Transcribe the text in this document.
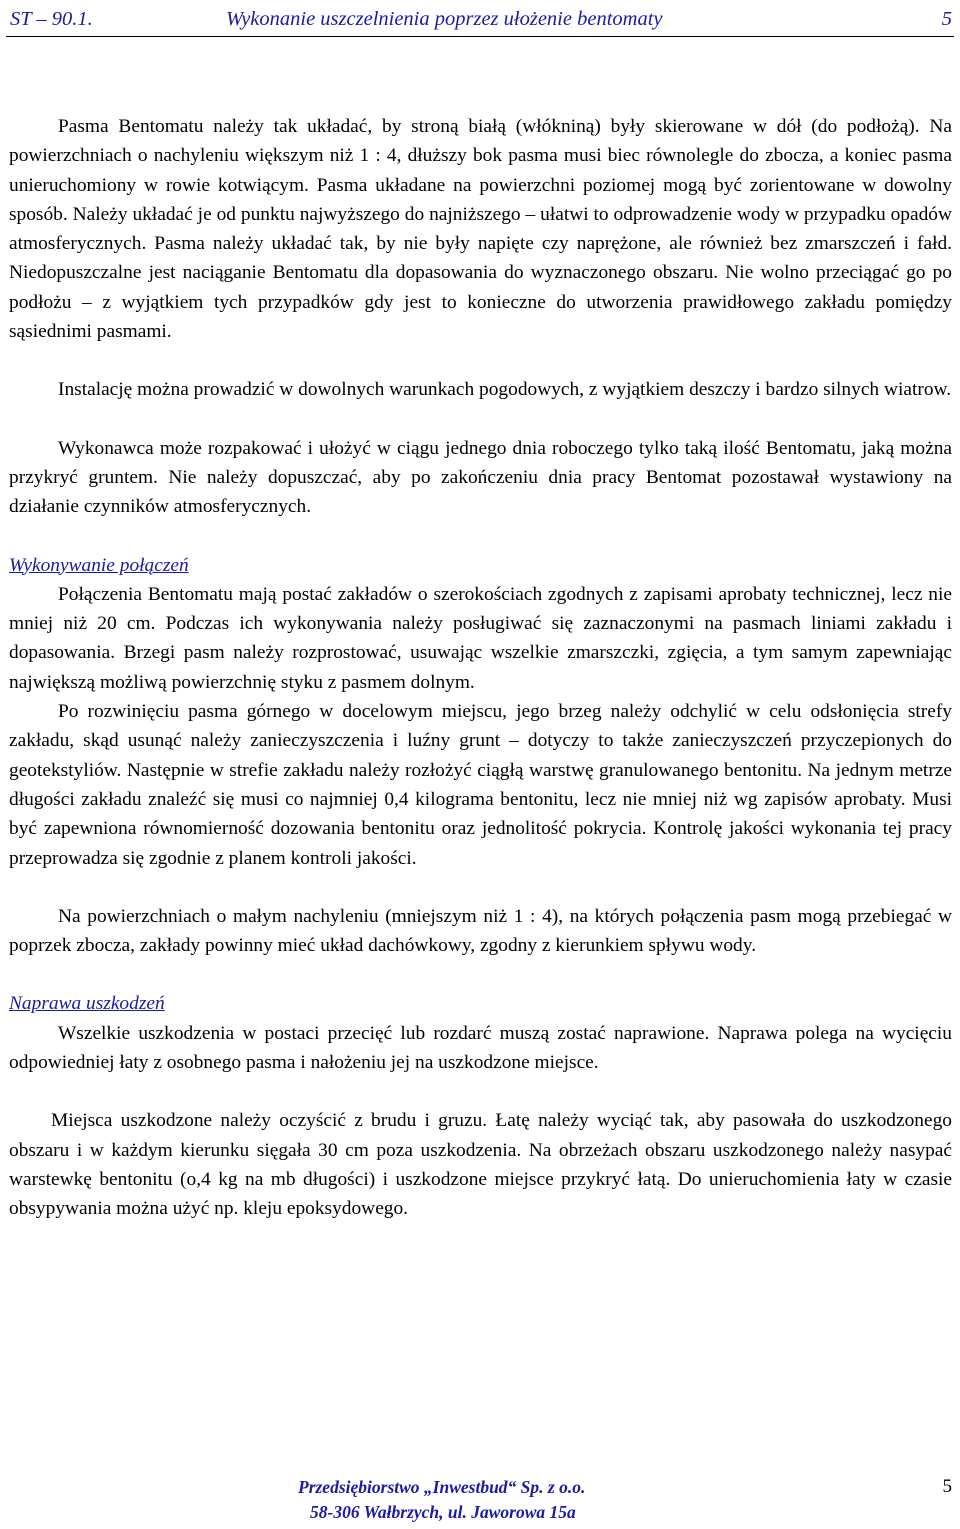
ST – 90.1.	Wykonanie uszczelnienia poprzez ułożenie bentomaty	5

Pasma Bentomatu należy tak układać, by stroną białą (włókniną) były skierowane w dół (do podłożą). Na powierzchniach o nachyleniu większym niż 1 : 4, dłuższy bok pasma musi biec równolegle do zbocza, a koniec pasma unieruchomiony w rowie kotwiącym. Pasma układane na powierzchni poziomej mogą być zorientowane w dowolny sposób. Należy układać je od punktu najwyższego do najniższego – ułatwi to odprowadzenie wody w przypadku opadów atmosferycznych. Pasma należy układać tak, by nie były napięte czy naprężone, ale również bez zmarszczeń i fałd. Niedopuszczalne jest naciąganie Bentomatu dla dopasowania do wyznaczonego obszaru. Nie wolno przeciągać go po podłożu – z wyjątkiem tych przypadków gdy jest to konieczne do utworzenia prawidłowego zakładu pomiędzy sąsiednimi pasmami.

Instalację można prowadzić w dowolnych warunkach pogodowych, z wyjątkiem deszczy i bardzo silnych wiatrow.

Wykonawca może rozpakować i ułożyć w ciągu jednego dnia roboczego tylko taką ilość Bentomatu, jaką można przykryć gruntem. Nie należy dopuszczać, aby po zakończeniu dnia pracy Bentomat pozostawał wystawiony na działanie czynników atmosferycznych.

Wykonywanie połączeń

Połączenia Bentomatu mają postać zakładów o szerokościach zgodnych z zapisami aprobaty technicznej, lecz nie mniej niż 20 cm. Podczas ich wykonywania należy posługiwać się zaznaczonymi na pasmach liniami zakładu i dopasowania. Brzegi pasm należy rozprostować, usuwając wszelkie zmarszczki, zgięcia, a tym samym zapewniając największą możliwą powierzchnię styku z pasmem dolnym.

Po rozwinięciu pasma górnego w docelowym miejscu, jego brzeg należy odchylić w celu odsłonięcia strefy zakładu, skąd usunąć należy zanieczyszczenia i luźny grunt – dotyczy to także zanieczyszczeń przyczepionych do geotekstyliów. Następnie w strefie zakładu należy rozłożyć ciągłą warstwę granulowanego bentonitu. Na jednym metrze długości zakładu znaleźć się musi co najmniej 0,4 kilograma bentonitu, lecz nie mniej niż wg zapisów aprobaty. Musi być zapewniona równomierność dozowania bentonitu oraz jednolitość pokrycia. Kontrolę jakości wykonania tej pracy przeprowadza się zgodnie z planem kontroli jakości.

Na powierzchniach o małym nachyleniu (mniejszym niż 1 : 4), na których połączenia pasm mogą przebiegać w poprzek zbocza, zakłady powinny mieć układ dachówkowy, zgodny z kierunkiem spływu wody.

Naprawa uszkodzeń

Wszelkie uszkodzenia w postaci przecięć lub rozdarć muszą zostać naprawione. Naprawa polega na wycięciu odpowiedniej łaty z osobnego pasma i nałożeniu jej na uszkodzone miejsce.

Miejsca uszkodzone należy oczyścić z brudu i gruzu. Łatę należy wyciąć tak, aby pasowała do uszkodzonego obszaru i w każdym kierunku sięgała 30 cm poza uszkodzenia. Na obrzeżach obszaru uszkodzonego należy nasypać warstewkę bentonitu (o,4 kg na mb długości) i uszkodzone miejsce przykryć łatą. Do unieruchomienia łaty w czasie obsypywania można użyć np. kleju epoksydowego.

Przedsiębiorstwo „Inwestbud“ Sp. z o.o.
58-306 Wałbrzych, ul. Jaworowa 15a
5
